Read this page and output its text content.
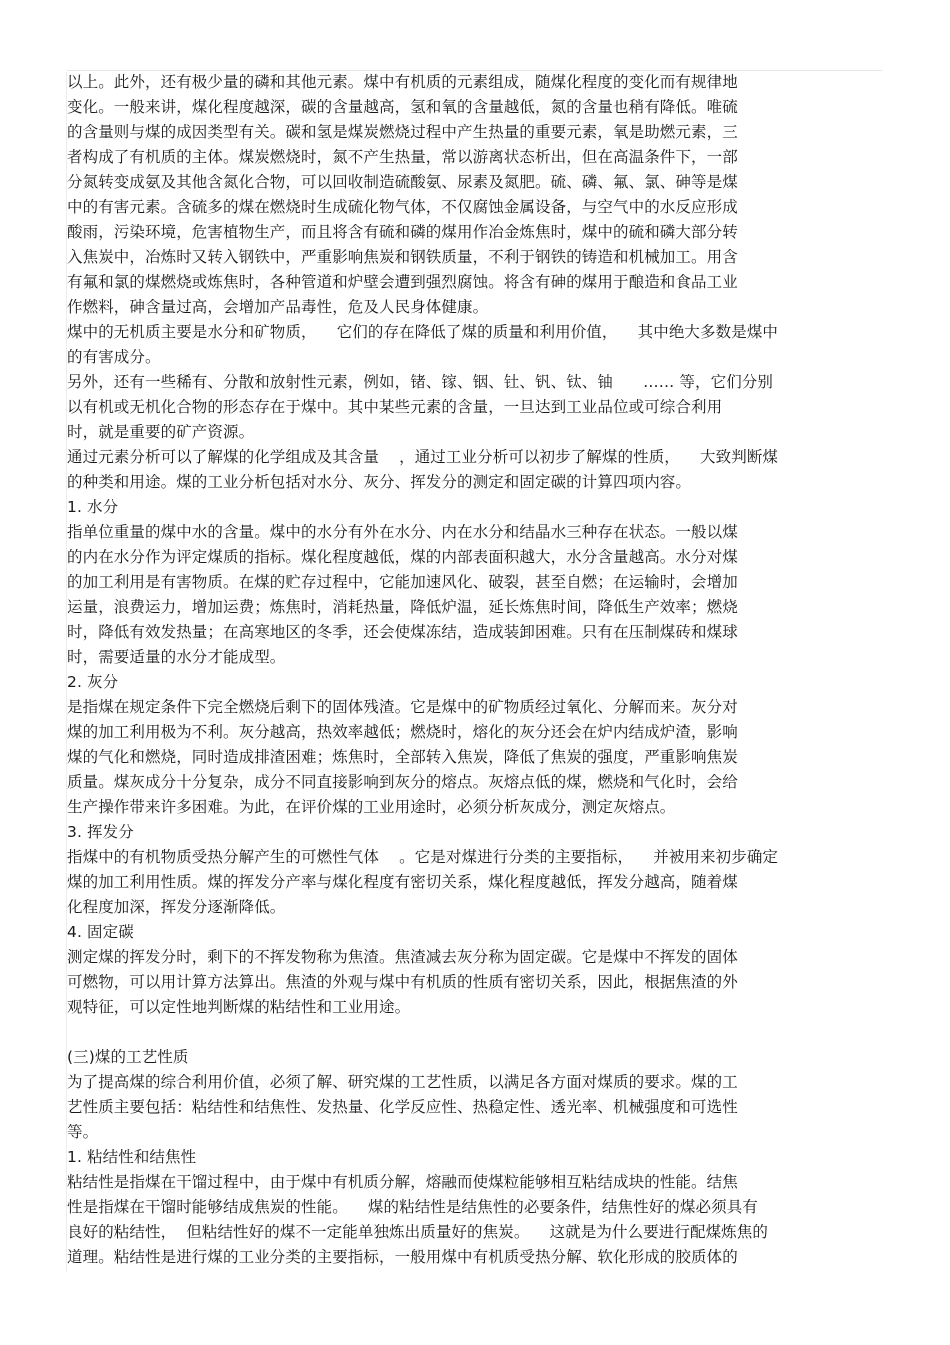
以上。此外，还有极少量的磷和其他元素。煤中有机质的元素组成，随煤化程度的变化而有规律地
变化。一般来讲，煤化程度越深，碳的含量越高，氢和氧的含量越低，氮的含量也稍有降低。唯硫
的含量则与煤的成因类型有关。碳和氢是煤炭燃烧过程中产生热量的重要元素，氧是助燃元素，三
者构成了有机质的主体。煤炭燃烧时，氮不产生热量，常以游离状态析出，但在高温条件下，一部
分氮转变成氨及其他含氮化合物，可以回收制造硫酸氨、尿素及氮肥。硫、磷、氟、氯、砷等是煤
中的有害元素。含硫多的煤在燃烧时生成硫化物气体，不仅腐蚀金属设备，与空气中的水反应形成
酸雨，污染环境，危害植物生产，而且将含有硫和磷的煤用作冶金炼焦时，煤中的硫和磷大部分转
入焦炭中，冶炼时又转入钢铁中，严重影响焦炭和钢铁质量，不利于钢铁的铸造和机械加工。用含
有氟和氯的煤燃烧或炼焦时，各种管道和炉壁会遭到强烈腐蚀。将含有砷的煤用于酿造和食品工业
作燃料，砷含量过高，会增加产品毒性，危及人民身体健康。
煤中的无机质主要是水分和矿物质，    它们的存在降低了煤的质量和利用价值，    其中绝大多数是煤中
的有害成分。
另外，还有一些稀有、分散和放射性元素，例如，锗、镓、铟、钍、钒、钛、铀      …… 等，它们分别
以有机或无机化合物的形态存在于煤中。其中某些元素的含量，一旦达到工业品位或可综合利用
时，就是重要的矿产资源。
通过元素分析可以了解煤的化学组成及其含量    ，通过工业分析可以初步了解煤的性质，    大致判断煤
的种类和用途。煤的工业分析包括对水分、灰分、挥发分的测定和固定碳的计算四项内容。
1. 水分
指单位重量的煤中水的含量。煤中的水分有外在水分、内在水分和结晶水三种存在状态。一般以煤
的内在水分作为评定煤质的指标。煤化程度越低，煤的内部表面积越大，水分含量越高。水分对煤
的加工利用是有害物质。在煤的贮存过程中，它能加速风化、破裂，甚至自燃；在运输时，会增加
运量，浪费运力，增加运费；炼焦时，消耗热量，降低炉温，延长炼焦时间，降低生产效率；燃烧
时，降低有效发热量；在高寒地区的冬季，还会使煤冻结，造成装卸困难。只有在压制煤砖和煤球
时，需要适量的水分才能成型。
2. 灰分
是指煤在规定条件下完全燃烧后剩下的固体残渣。它是煤中的矿物质经过氧化、分解而来。灰分对
煤的加工利用极为不利。灰分越高，热效率越低；燃烧时，熔化的灰分还会在炉内结成炉渣，影响
煤的气化和燃烧，同时造成排渣困难；炼焦时，全部转入焦炭，降低了焦炭的强度，严重影响焦炭
质量。煤灰成分十分复杂，成分不同直接影响到灰分的熔点。灰熔点低的煤，燃烧和气化时，会给
生产操作带来许多困难。为此，在评价煤的工业用途时，必须分析灰成分，测定灰熔点。
3. 挥发分
指煤中的有机物质受热分解产生的可燃性气体    。它是对煤进行分类的主要指标，    并被用来初步确定
煤的加工利用性质。煤的挥发分产率与煤化程度有密切关系，煤化程度越低，挥发分越高，随着煤
化程度加深，挥发分逐渐降低。
4. 固定碳
测定煤的挥发分时，剩下的不挥发物称为焦渣。焦渣减去灰分称为固定碳。它是煤中不挥发的固体
可燃物，可以用计算方法算出。焦渣的外观与煤中有机质的性质有密切关系，因此，根据焦渣的外
观特征，可以定性地判断煤的粘结性和工业用途。
(三)煤的工艺性质
为了提高煤的综合利用价值，必须了解、研究煤的工艺性质，以满足各方面对煤质的要求。煤的工
艺性质主要包括：粘结性和结焦性、发热量、化学反应性、热稳定性、透光率、机械强度和可选性
等。
1. 粘结性和结焦性
粘结性是指煤在干馏过程中，由于煤中有机质分解，熔融而使煤粒能够相互粘结成块的性能。结焦
性是指煤在干馏时能够结成焦炭的性能。    煤的粘结性是结焦性的必要条件，结焦性好的煤必须具有
良好的粘结性，  但粘结性好的煤不一定能单独炼出质量好的焦炭。    这就是为什么要进行配煤炼焦的
道理。粘结性是进行煤的工业分类的主要指标，一般用煤中有机质受热分解、软化形成的胶质体的
